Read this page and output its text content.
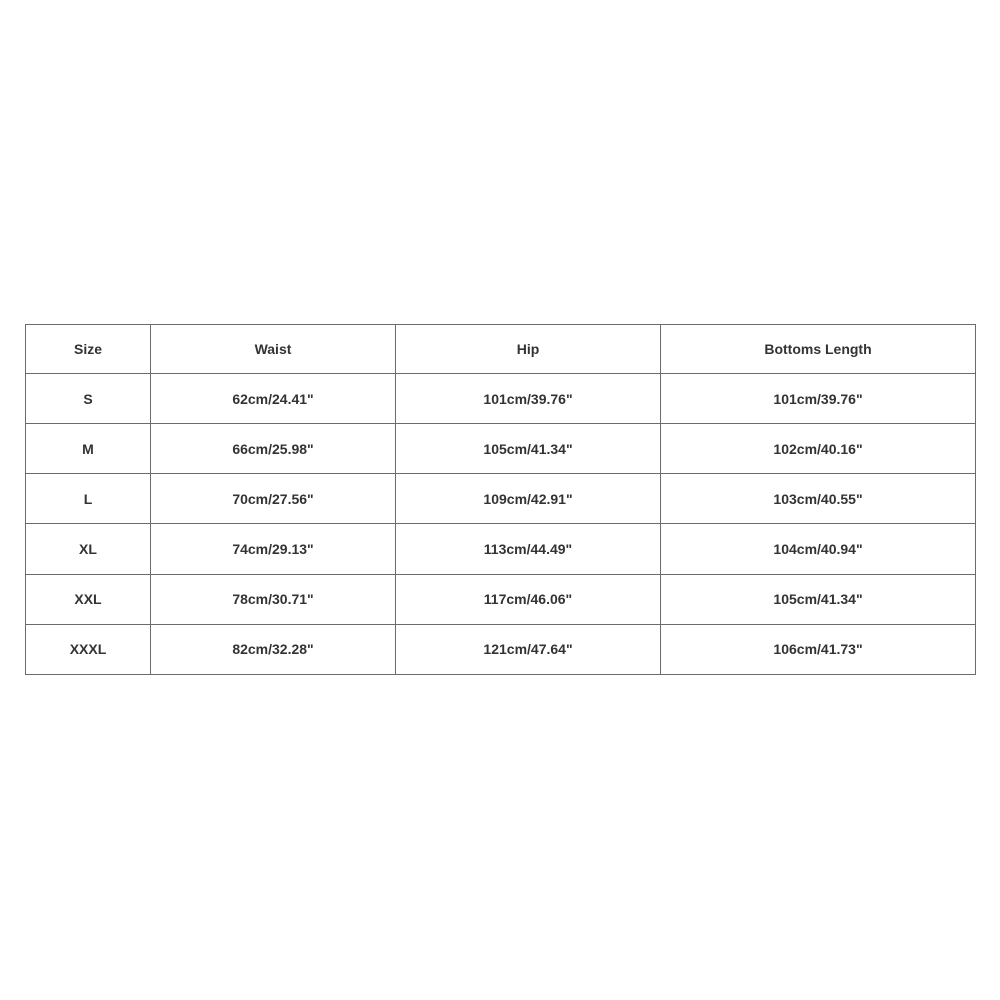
Size	Waist	Hip	Bottoms Length
S	62cm/24.41"	101cm/39.76"	101cm/39.76"
M	66cm/25.98"	105cm/41.34"	102cm/40.16"
L	70cm/27.56"	109cm/42.91"	103cm/40.55"
XL	74cm/29.13"	113cm/44.49"	104cm/40.94"
XXL	78cm/30.71"	117cm/46.06"	105cm/41.34"
XXXL	82cm/32.28"	121cm/47.64"	106cm/41.73"
